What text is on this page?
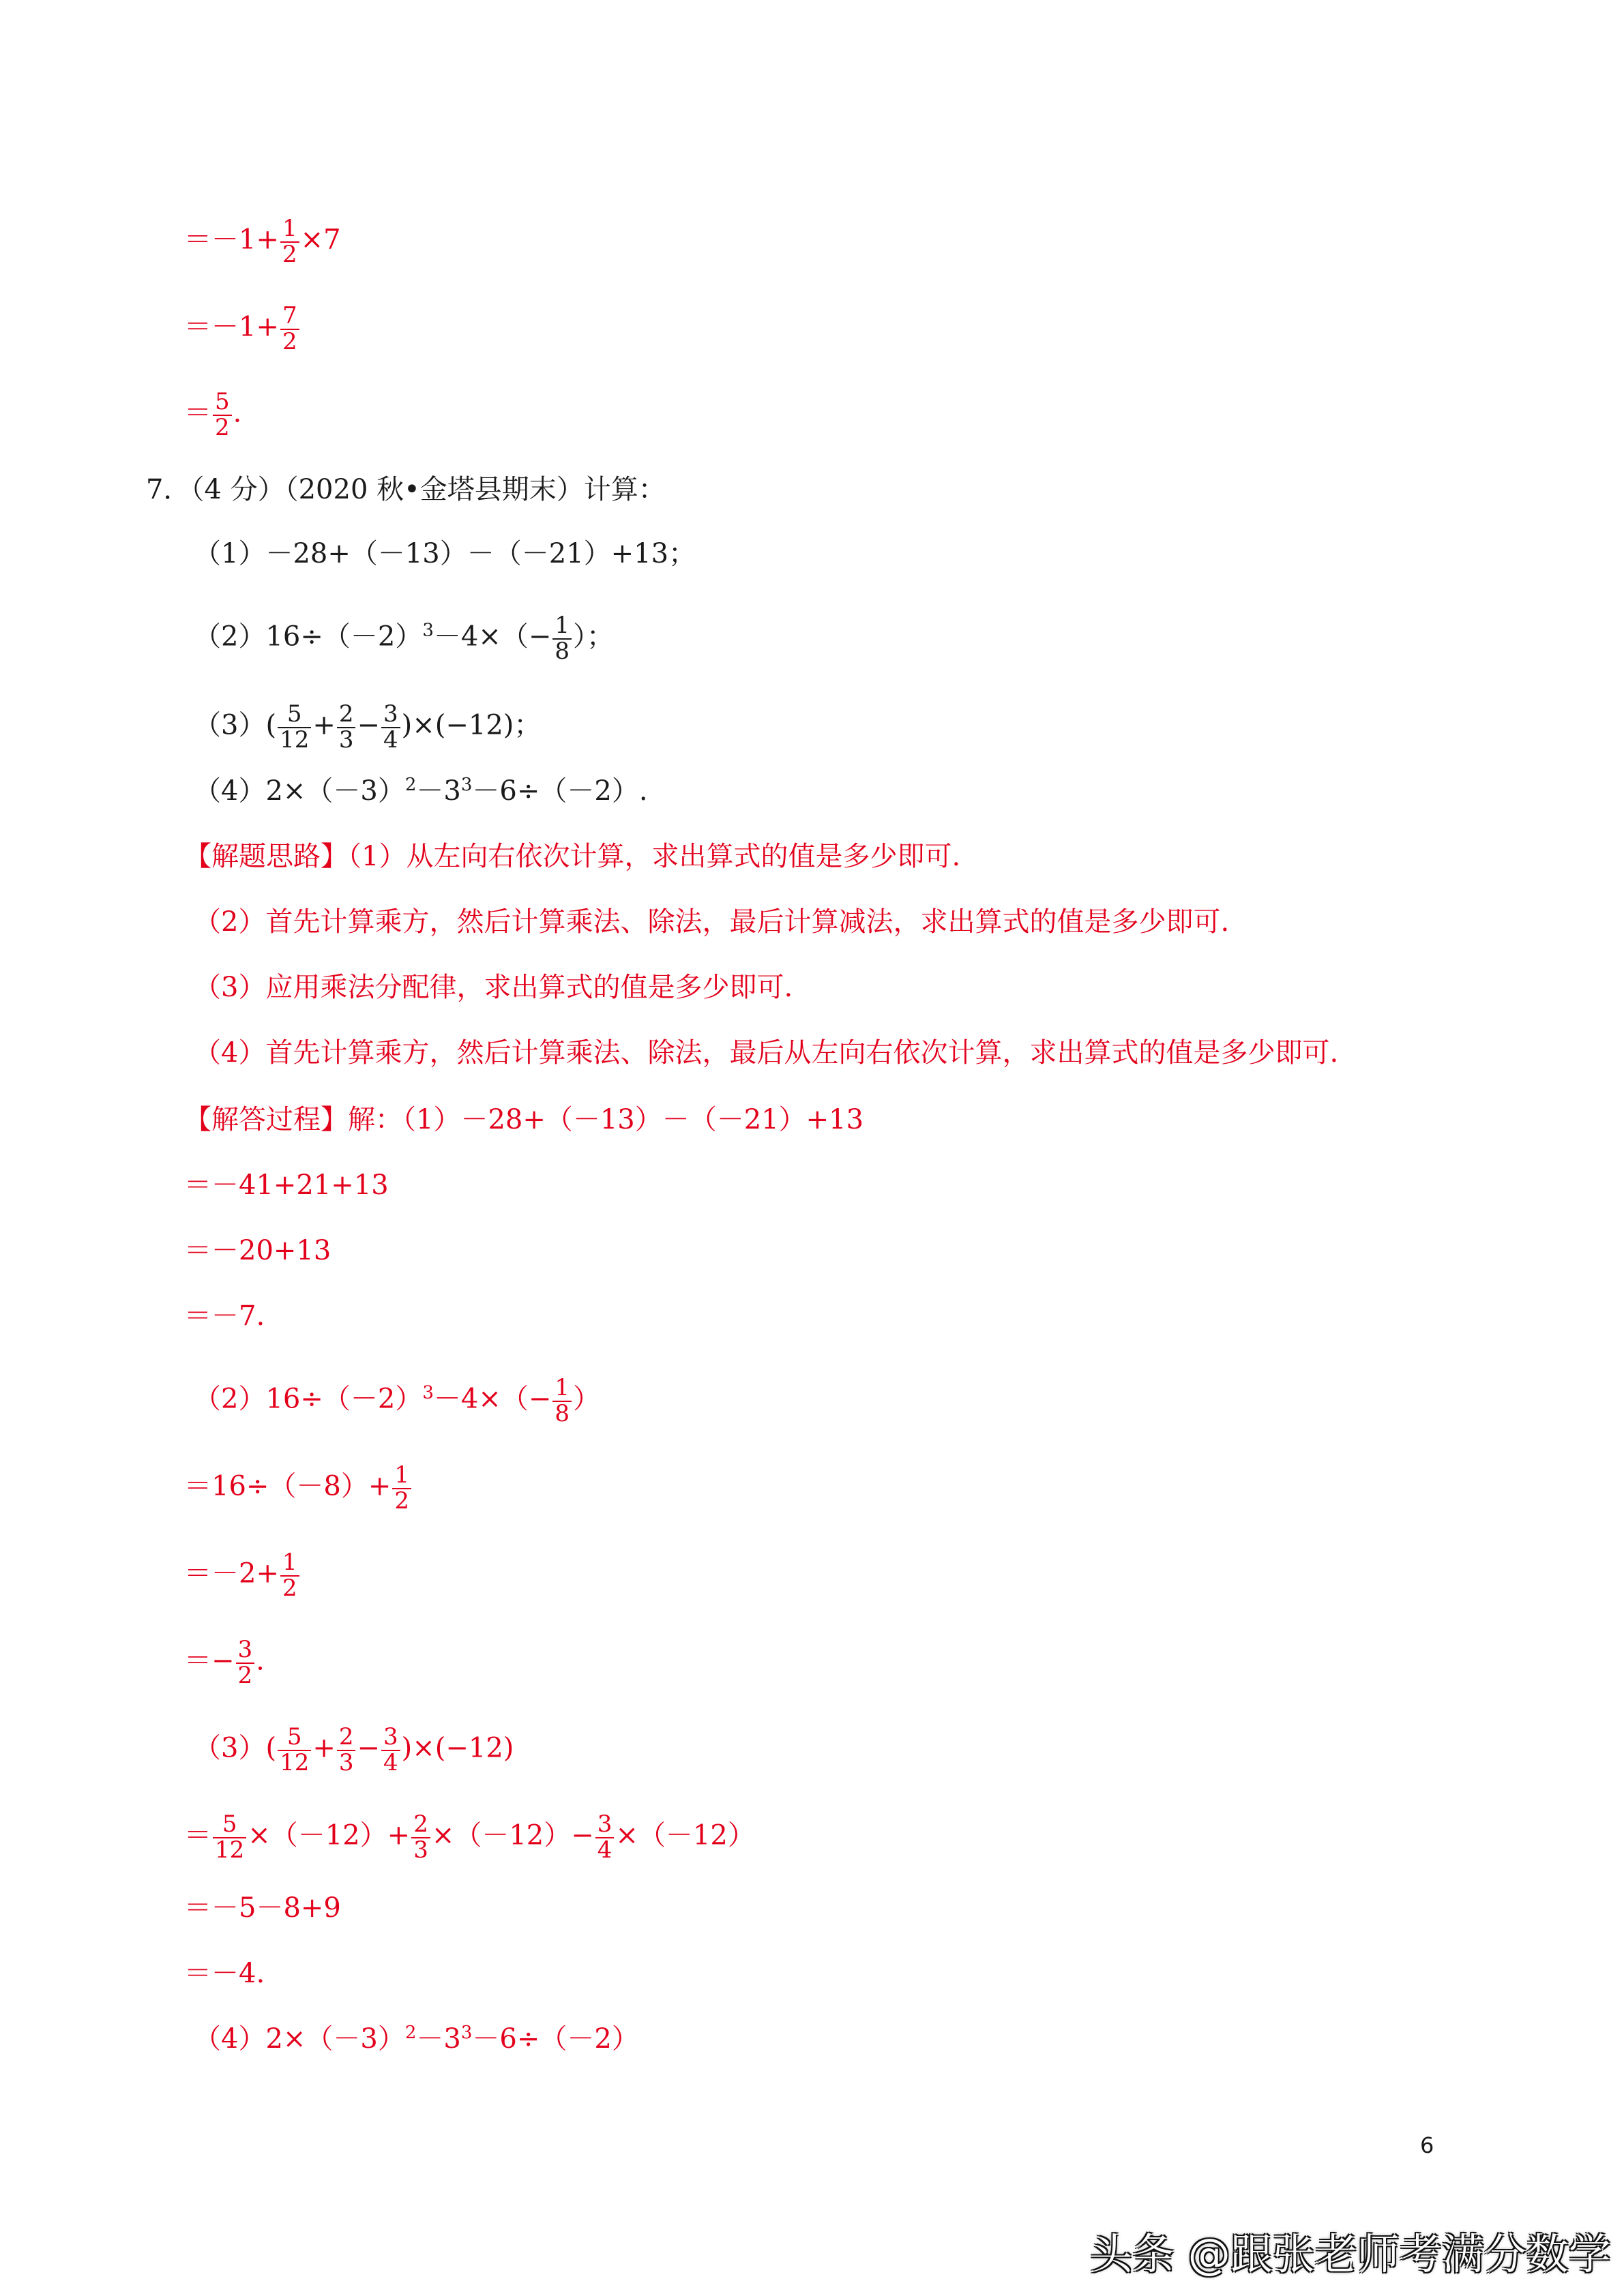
$=-1+ \frac{1}{2} \times 7$
$=-1+ \frac{7}{2}$
＝ $\frac{5}{2}$ .
7．（4 分）（2020 秋•金塔县期末）计算：
（1）－28+（－13）－（－21）+13；
$(2)16\div(-2)^3-4\times(- \frac{1}{8}$ ）；
$(3)( \frac{5}{12} + \frac{2}{3} - \frac{3}{4} )\times(-12)$；
$(4)2\times(-3)^2-3^3-6\div(-2)$.
【解题思路】（1）从左向右依次计算，求出算式的值是多少即可.
（2）首先计算乘方，然后计算乘法、除法，最后计算减法，求出算式的值是多少即可.
（3）应用乘法分配律，求出算式的值是多少即可.
（4）首先计算乘方，然后计算乘法、除法，最后从左向右依次计算，求出算式的值是多少即可.
【解答过程】解：（1）－28+（－13）－（－21）+13
＝－41+21+13
＝－20+13
＝－7.
$(2)16\div(-2)^3-4\times(- \frac{1}{8}$ ）
$=16\div(-8)+ \frac{1}{2}$
$=-2+ \frac{1}{2}$
＝− $\frac{3}{2}$ .
$(3)( \frac{5}{12} + \frac{2}{3} - \frac{3}{4} )\times(-12)$
＝ $\frac{5}{12} \times(-12)+ \frac{2}{3} \times(-12)- \frac{3}{4} \times(-12)$
＝－5－8+9
＝－4.
$(4)2\times(-3)^2-3^3-6\div(-2)$
6
头条 @跟张老师考满分数学
